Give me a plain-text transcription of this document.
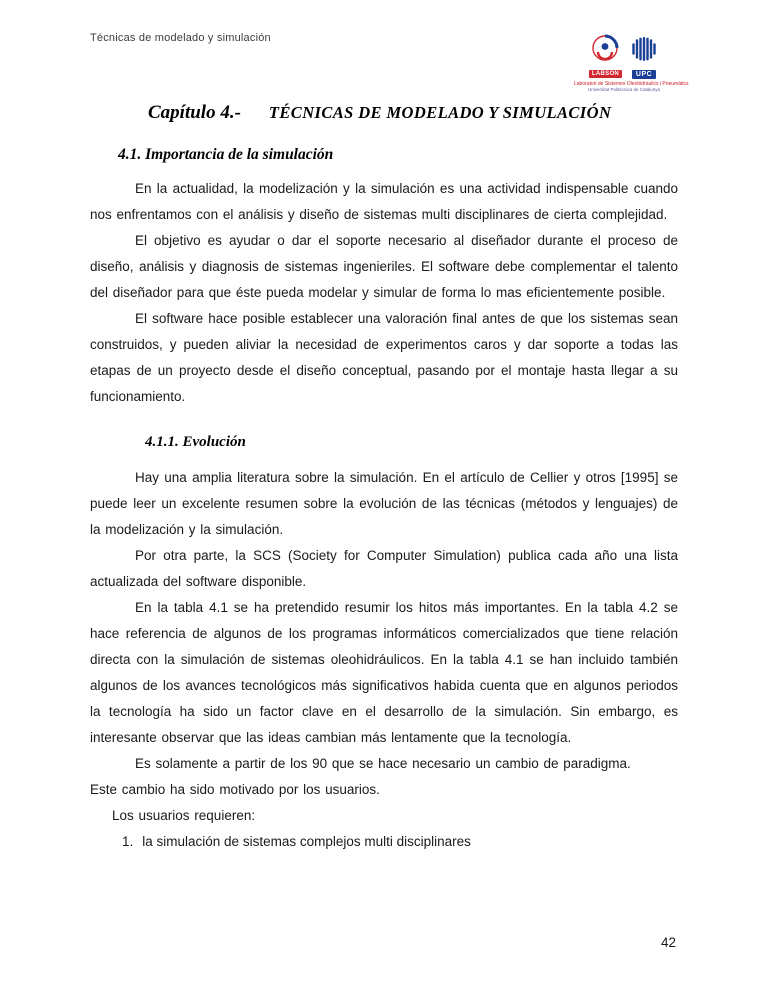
Técnicas de modelado y simulación
LABSON	UPC
Laboratori de Sistemes Oleohidràulics i Pneumàtics
Universitat Politècnica de Catalunya
Capítulo 4.- TÉCNICAS DE MODELADO Y SIMULACIÓN
4.1. Importancia de la simulación

En la actualidad, la modelización y la simulación es una actividad indispensable cuando nos enfrentamos con el análisis y diseño de sistemas multi disciplinares de cierta complejidad.

El objetivo es ayudar o dar el soporte necesario al diseñador durante el proceso de diseño, análisis y diagnosis de sistemas ingenieriles. El software debe complementar el talento del diseñador para que éste pueda modelar y simular de forma lo mas eficientemente posible.

El software hace posible establecer una valoración final antes de que los sistemas sean construidos, y pueden aliviar la necesidad de experimentos caros y dar soporte a todas las etapas de un proyecto desde el diseño conceptual, pasando por el montaje hasta llegar a su funcionamiento.

4.1.1. Evolución

Hay una amplia literatura sobre la simulación. En el artículo de Cellier y otros [1995] se puede leer un excelente resumen sobre la evolución de las técnicas (métodos y lenguajes) de la modelización y la simulación.

Por otra parte, la SCS (Society for Computer Simulation) publica cada año una lista actualizada del software disponible.

En la tabla 4.1 se ha pretendido resumir los hitos más importantes. En la tabla 4.2 se hace referencia de algunos de los programas informáticos comercializados que tiene relación directa con la simulación de sistemas oleohidráulicos. En la tabla 4.1 se han incluido también algunos de los avances tecnológicos más significativos habida cuenta que en algunos periodos la tecnología ha sido un factor clave en el desarrollo de la simulación. Sin embargo, es interesante observar que las ideas cambian más lentamente que la tecnología.

Es solamente a partir de los 90 que se hace necesario un cambio de paradigma.

Este cambio ha sido motivado por los usuarios.

Los usuarios requieren:

1. la simulación de sistemas complejos multi disciplinares
42
